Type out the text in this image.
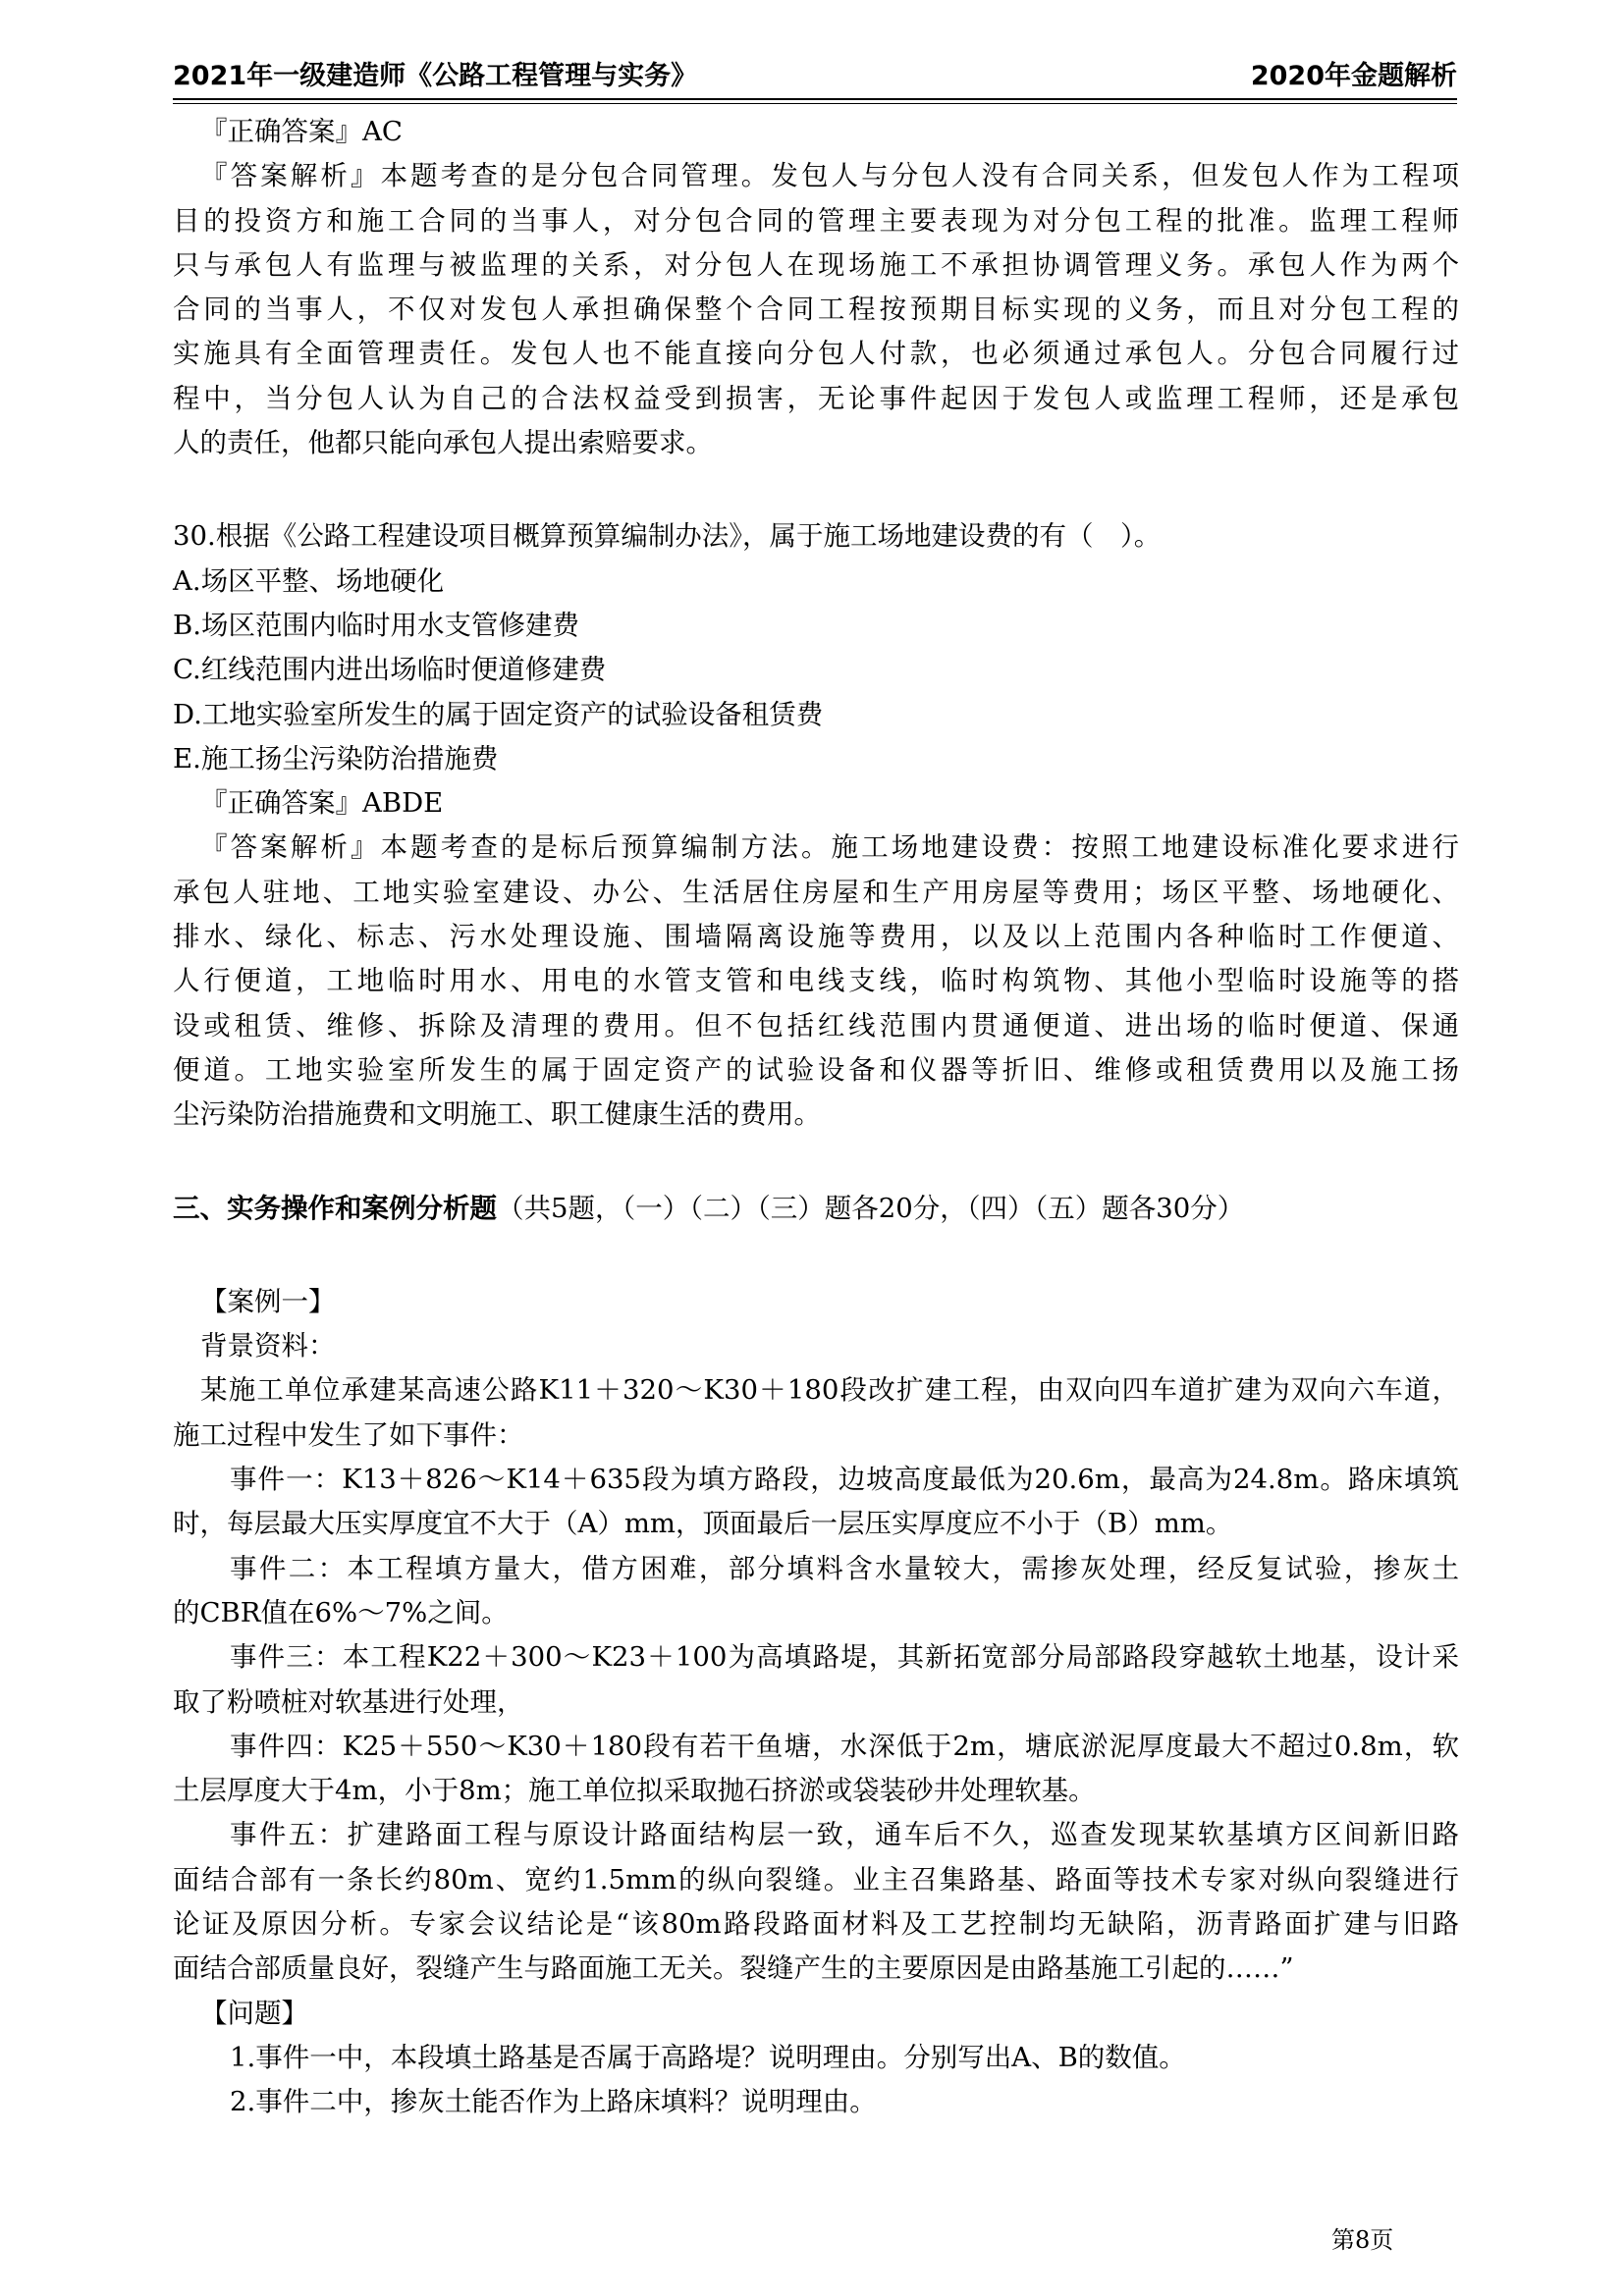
2021年一级建造师《公路工程管理与实务》	2020年金题解析
『正确答案』AC
『答案解析』本题考查的是分包合同管理。发包人与分包人没有合同关系，但发包人作为工程项
目的投资方和施工合同的当事人，对分包合同的管理主要表现为对分包工程的批准。监理工程师
只与承包人有监理与被监理的关系，对分包人在现场施工不承担协调管理义务。承包人作为两个
合同的当事人，不仅对发包人承担确保整个合同工程按预期目标实现的义务，而且对分包工程的
实施具有全面管理责任。发包人也不能直接向分包人付款，也必须通过承包人。分包合同履行过
程中，当分包人认为自己的合法权益受到损害，无论事件起因于发包人或监理工程师，还是承包
人的责任，他都只能向承包人提出索赔要求。
30.根据《公路工程建设项目概算预算编制办法》，属于施工场地建设费的有（　）。
A.场区平整、场地硬化
B.场区范围内临时用水支管修建费
C.红线范围内进出场临时便道修建费
D.工地实验室所发生的属于固定资产的试验设备租赁费
E.施工扬尘污染防治措施费
『正确答案』ABDE
『答案解析』本题考查的是标后预算编制方法。施工场地建设费：按照工地建设标准化要求进行
承包人驻地、工地实验室建设、办公、生活居住房屋和生产用房屋等费用；场区平整、场地硬化、
排水、绿化、标志、污水处理设施、围墙隔离设施等费用，以及以上范围内各种临时工作便道、
人行便道，工地临时用水、用电的水管支管和电线支线，临时构筑物、其他小型临时设施等的搭
设或租赁、维修、拆除及清理的费用。但不包括红线范围内贯通便道、进出场的临时便道、保通
便道。工地实验室所发生的属于固定资产的试验设备和仪器等折旧、维修或租赁费用以及施工扬
尘污染防治措施费和文明施工、职工健康生活的费用。
三、实务操作和案例分析题（共5题，（一）（二）（三）题各20分，（四）（五）题各30分）
【案例一】
背景资料：
某施工单位承建某高速公路K11＋320～K30＋180段改扩建工程，由双向四车道扩建为双向六车道，
施工过程中发生了如下事件：
事件一：K13＋826～K14＋635段为填方路段，边坡高度最低为20.6m，最高为24.8m。路床填筑
时，每层最大压实厚度宜不大于（A）mm，顶面最后一层压实厚度应不小于（B）mm。
事件二：本工程填方量大，借方困难，部分填料含水量较大，需掺灰处理，经反复试验，掺灰土
的CBR值在6%～7%之间。
事件三：本工程K22＋300～K23＋100为高填路堤，其新拓宽部分局部路段穿越软土地基，设计采
取了粉喷桩对软基进行处理，
事件四：K25＋550～K30＋180段有若干鱼塘，水深低于2m，塘底淤泥厚度最大不超过0.8m，软
土层厚度大于4m，小于8m；施工单位拟采取抛石挤淤或袋装砂井处理软基。
事件五：扩建路面工程与原设计路面结构层一致，通车后不久，巡查发现某软基填方区间新旧路
面结合部有一条长约80m、宽约1.5mm的纵向裂缝。业主召集路基、路面等技术专家对纵向裂缝进行
论证及原因分析。专家会议结论是“该80m路段路面材料及工艺控制均无缺陷，沥青路面扩建与旧路
面结合部质量良好，裂缝产生与路面施工无关。裂缝产生的主要原因是由路基施工引起的……”
【问题】
1.事件一中，本段填土路基是否属于高路堤？说明理由。分别写出A、B的数值。
2.事件二中，掺灰土能否作为上路床填料？说明理由。
第8页
